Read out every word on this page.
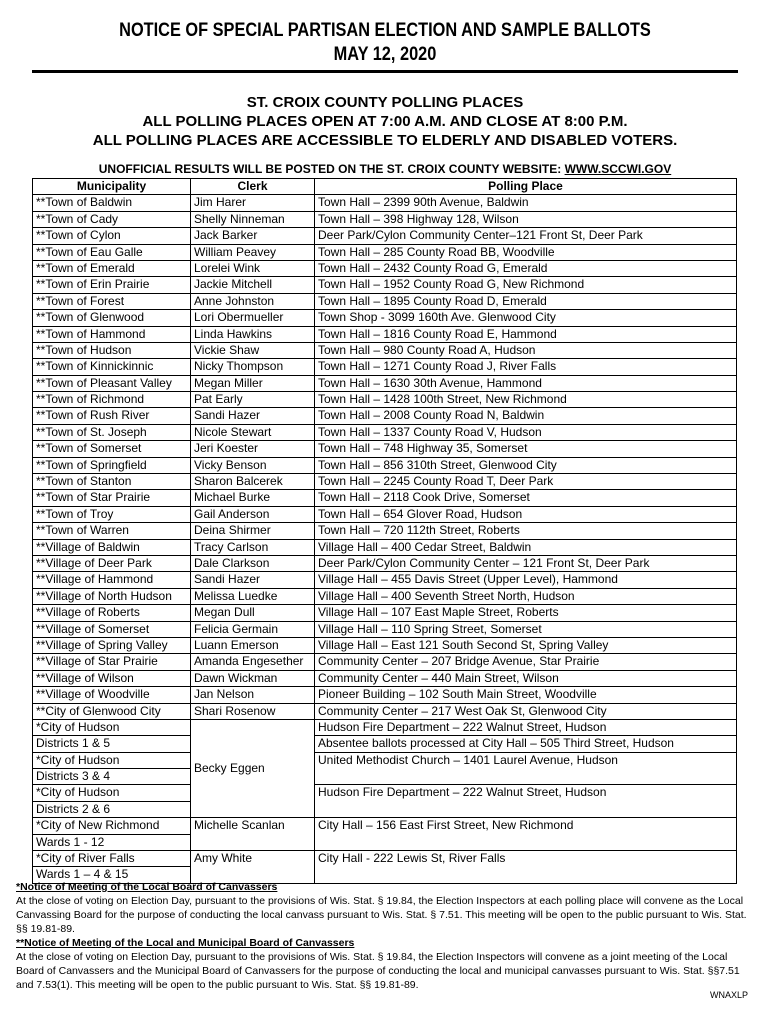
NOTICE OF SPECIAL PARTISAN ELECTION AND SAMPLE BALLOTS
MAY 12, 2020
ST. CROIX COUNTY POLLING PLACES
ALL POLLING PLACES OPEN AT 7:00 A.M. AND CLOSE AT 8:00 P.M.
ALL POLLING PLACES ARE ACCESSIBLE TO ELDERLY AND DISABLED VOTERS.
UNOFFICIAL RESULTS WILL BE POSTED ON THE ST. CROIX COUNTY WEBSITE: WWW.SCCWI.GOV
Municipality	Clerk	Polling Place
**Town of Baldwin	Jim Harer	Town Hall – 2399 90th Avenue, Baldwin
**Town of Cady	Shelly Ninneman	Town Hall – 398 Highway 128, Wilson
**Town of Cylon	Jack Barker	Deer Park/Cylon Community Center–121 Front St, Deer Park
**Town of Eau Galle	William Peavey	Town Hall – 285 County Road BB, Woodville
**Town of Emerald	Lorelei Wink	Town Hall – 2432 County Road G, Emerald
**Town of Erin Prairie	Jackie Mitchell	Town Hall – 1952 County Road G, New Richmond
**Town of Forest	Anne Johnston	Town Hall – 1895 County Road D, Emerald
**Town of Glenwood	Lori Obermueller	Town Shop - 3099 160th Ave. Glenwood City
**Town of Hammond	Linda Hawkins	Town Hall – 1816 County Road E, Hammond
**Town of Hudson	Vickie Shaw	Town Hall – 980 County Road A, Hudson
**Town of Kinnickinnic	Nicky Thompson	Town Hall – 1271 County Road J, River Falls
**Town of Pleasant Valley	Megan Miller	Town Hall – 1630 30th Avenue, Hammond
**Town of Richmond	Pat Early	Town Hall – 1428 100th Street, New Richmond
**Town of Rush River	Sandi Hazer	Town Hall – 2008 County Road N, Baldwin
**Town of St. Joseph	Nicole Stewart	Town Hall – 1337 County Road V, Hudson
**Town of Somerset	Jeri Koester	Town Hall – 748 Highway 35, Somerset
**Town of Springfield	Vicky Benson	Town Hall – 856 310th Street, Glenwood City
**Town of Stanton	Sharon Balcerek	Town Hall – 2245 County Road T, Deer Park
**Town of Star Prairie	Michael Burke	Town Hall – 2118 Cook Drive, Somerset
**Town of Troy	Gail Anderson	Town Hall – 654 Glover Road, Hudson
**Town of Warren	Deina Shirmer	Town Hall – 720 112th Street, Roberts
**Village of Baldwin	Tracy Carlson	Village Hall – 400 Cedar Street, Baldwin
**Village of Deer Park	Dale Clarkson	Deer Park/Cylon Community Center – 121 Front St, Deer Park
**Village of Hammond	Sandi Hazer	Village Hall – 455 Davis Street (Upper Level), Hammond
**Village of North Hudson	Melissa Luedke	Village Hall – 400 Seventh Street North, Hudson
**Village of Roberts	Megan Dull	Village Hall – 107 East Maple Street, Roberts
**Village of Somerset	Felicia Germain	Village Hall – 110 Spring Street, Somerset
**Village of Spring Valley	Luann Emerson	Village Hall – East 121 South Second St, Spring Valley
**Village of Star Prairie	Amanda Engesether	Community Center – 207 Bridge Avenue, Star Prairie
**Village of Wilson	Dawn Wickman	Community Center – 440 Main Street, Wilson
**Village of Woodville	Jan Nelson	Pioneer Building – 102 South Main Street, Woodville
**City of Glenwood City	Shari Rosenow	Community Center – 217 West Oak St, Glenwood City
*City of Hudson	Becky Eggen	Hudson Fire Department – 222 Walnut Street, Hudson
Districts 1 & 5		Absentee ballots processed at City Hall – 505 Third Street, Hudson
*City of Hudson		United Methodist Church – 1401 Laurel Avenue, Hudson
Districts 3 & 4		
*City of Hudson		Hudson Fire Department – 222 Walnut Street, Hudson
Districts 2 & 6		
*City of New Richmond	Michelle Scanlan	City Hall – 156 East First Street, New Richmond
Wards 1 - 12		
*City of River Falls	Amy White	City Hall - 222 Lewis St, River Falls
Wards 1 – 4 & 15		
*Notice of Meeting of the Local Board of Canvassers
At the close of voting on Election Day, pursuant to the provisions of Wis. Stat. § 19.84, the Election Inspectors at each polling place will convene as the Local Canvassing Board for the purpose of conducting the local canvass pursuant to Wis. Stat. § 7.51. This meeting will be open to the public pursuant to Wis. Stat. §§ 19.81-89.
**Notice of Meeting of the Local and Municipal Board of Canvassers
At the close of voting on Election Day, pursuant to the provisions of Wis. Stat. § 19.84, the Election Inspectors will convene as a joint meeting of the Local Board of Canvassers and the Municipal Board of Canvassers for the purpose of conducting the local and municipal canvasses pursuant to Wis. Stat. §§7.51 and 7.53(1). This meeting will be open to the public pursuant to Wis. Stat. §§ 19.81-89.
WNAXLP
